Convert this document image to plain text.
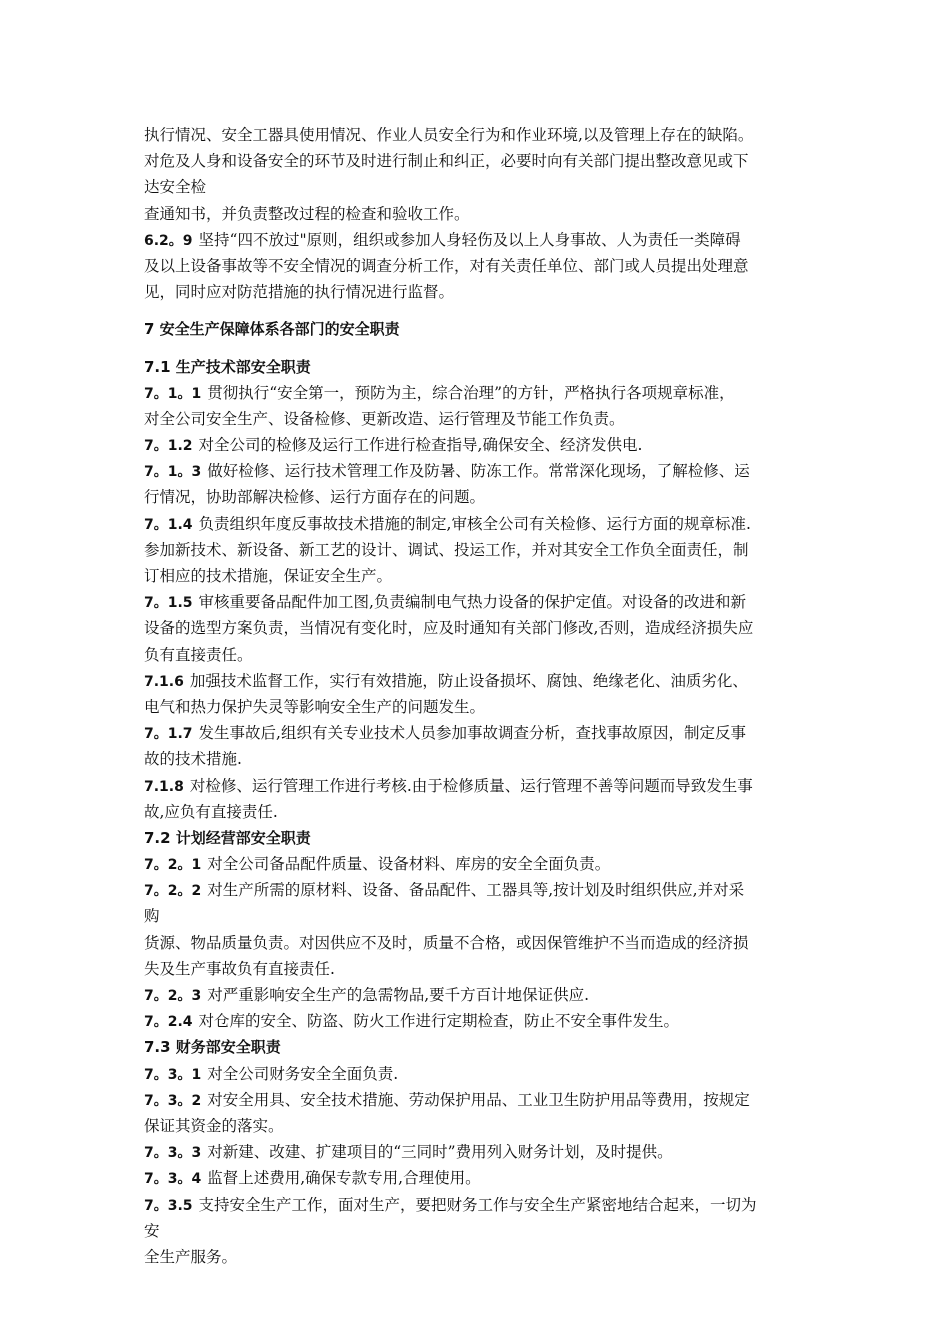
执行情况、安全工器具使用情况、作业人员安全行为和作业环境,以及管理上存在的缺陷。
对危及人身和设备安全的环节及时进行制止和纠正，必要时向有关部门提出整改意见或下
达安全检
查通知书，并负责整改过程的检查和验收工作。
6.2。9 坚持“四不放过"原则，组织或参加人身轻伤及以上人身事故、人为责任一类障碍
及以上设备事故等不安全情况的调查分析工作，对有关责任单位、部门或人员提出处理意
见，同时应对防范措施的执行情况进行监督。
7 安全生产保障体系各部门的安全职责
7.1 生产技术部安全职责
7。1。1 贯彻执行“安全第一，预防为主，综合治理”的方针，严格执行各项规章标准，
对全公司安全生产、设备检修、更新改造、运行管理及节能工作负责。
7。1.2 对全公司的检修及运行工作进行检查指导,确保安全、经济发供电.
7。1。3 做好检修、运行技术管理工作及防暑、防冻工作。常常深化现场，了解检修、运
行情况，协助部解决检修、运行方面存在的问题。
7。1.4 负责组织年度反事故技术措施的制定,审核全公司有关检修、运行方面的规章标准.
参加新技术、新设备、新工艺的设计、调试、投运工作，并对其安全工作负全面责任，制
订相应的技术措施，保证安全生产。
7。1.5 审核重要备品配件加工图,负责编制电气热力设备的保护定值。对设备的改进和新
设备的选型方案负责，当情况有变化时，应及时通知有关部门修改,否则，造成经济损失应
负有直接责任。
7.1.6 加强技术监督工作，实行有效措施，防止设备损坏、腐蚀、绝缘老化、油质劣化、
电气和热力保护失灵等影响安全生产的问题发生。
7。1.7 发生事故后,组织有关专业技术人员参加事故调查分析，查找事故原因，制定反事
故的技术措施.
7.1.8 对检修、运行管理工作进行考核.由于检修质量、运行管理不善等问题而导致发生事
故,应负有直接责任.
7.2 计划经营部安全职责
7。2。1 对全公司备品配件质量、设备材料、库房的安全全面负责。
7。2。2 对生产所需的原材料、设备、备品配件、工器具等,按计划及时组织供应,并对采
购
货源、物品质量负责。对因供应不及时，质量不合格，或因保管维护不当而造成的经济损
失及生产事故负有直接责任.
7。2。3 对严重影响安全生产的急需物品,要千方百计地保证供应.
7。2.4 对仓库的安全、防盗、防火工作进行定期检查，防止不安全事件发生。
7.3 财务部安全职责
7。3。1 对全公司财务安全全面负责.
7。3。2 对安全用具、安全技术措施、劳动保护用品、工业卫生防护用品等费用，按规定
保证其资金的落实。
7。3。3 对新建、改建、扩建项目的“三同时”费用列入财务计划，及时提供。
7。3。4 监督上述费用,确保专款专用,合理使用。
7。3.5 支持安全生产工作，面对生产，要把财务工作与安全生产紧密地结合起来，一切为
安
全生产服务。
